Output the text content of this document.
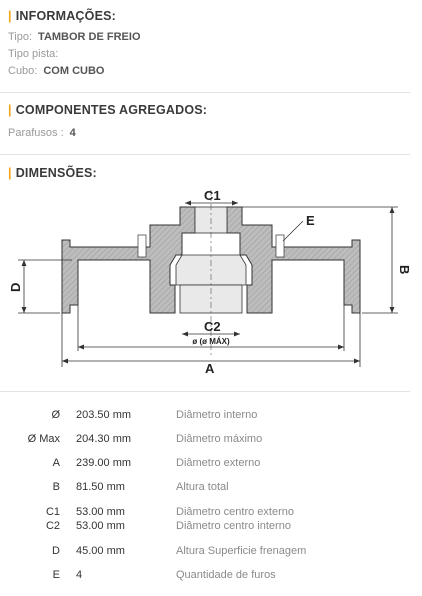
| INFORMAÇÕES:
Tipo: TAMBOR DE FREIO
Tipo pista:
Cubo: COM CUBO
| COMPONENTES AGREGADOS:
Parafusos : 4
| DIMENSÕES:
C1
C2
E
ø (ø MÁX)
A
B
D
Ø 203.50 mm	Diâmetro interno
Ø Max 204.30 mm	Diâmetro máximo
A 239.00 mm	Diâmetro externo
B 81.50 mm	Altura total
C1 53.00 mm	Diâmetro centro externo
C2 53.00 mm	Diâmetro centro interno
D 45.00 mm	Altura Superficie frenagem
E 4	Quantidade de furos
